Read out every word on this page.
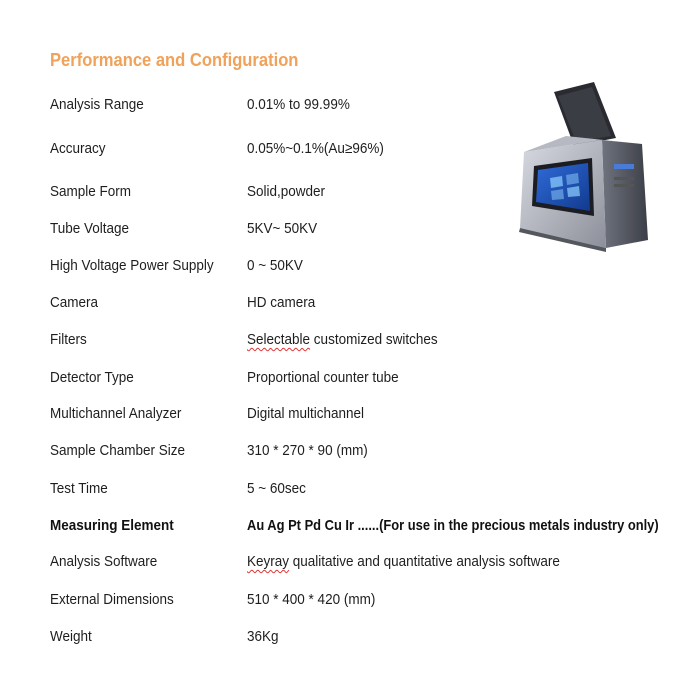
Performance and Configuration
Analysis Range	0.01% to 99.99%
Accuracy	0.05%~0.1%(Au≥96%)
Sample Form	Solid,powder
Tube Voltage	5KV~ 50KV
High Voltage Power Supply 0 ~ 50KV
Camera	HD camera
Filters	Selectable customized switches
Detector Type	Proportional counter tube
Multichannel Analyzer	Digital multichannel
Sample Chamber Size	310 * 270 * 90 (mm)
Test Time	5 ~ 60sec
Measuring Element	Au Ag Pt Pd Cu Ir ......(For use in the precious metals industry only)
Analysis Software	Keyray qualitative and quantitative analysis software
External Dimensions	510 * 400 * 420 (mm)
Weight	36Kg
